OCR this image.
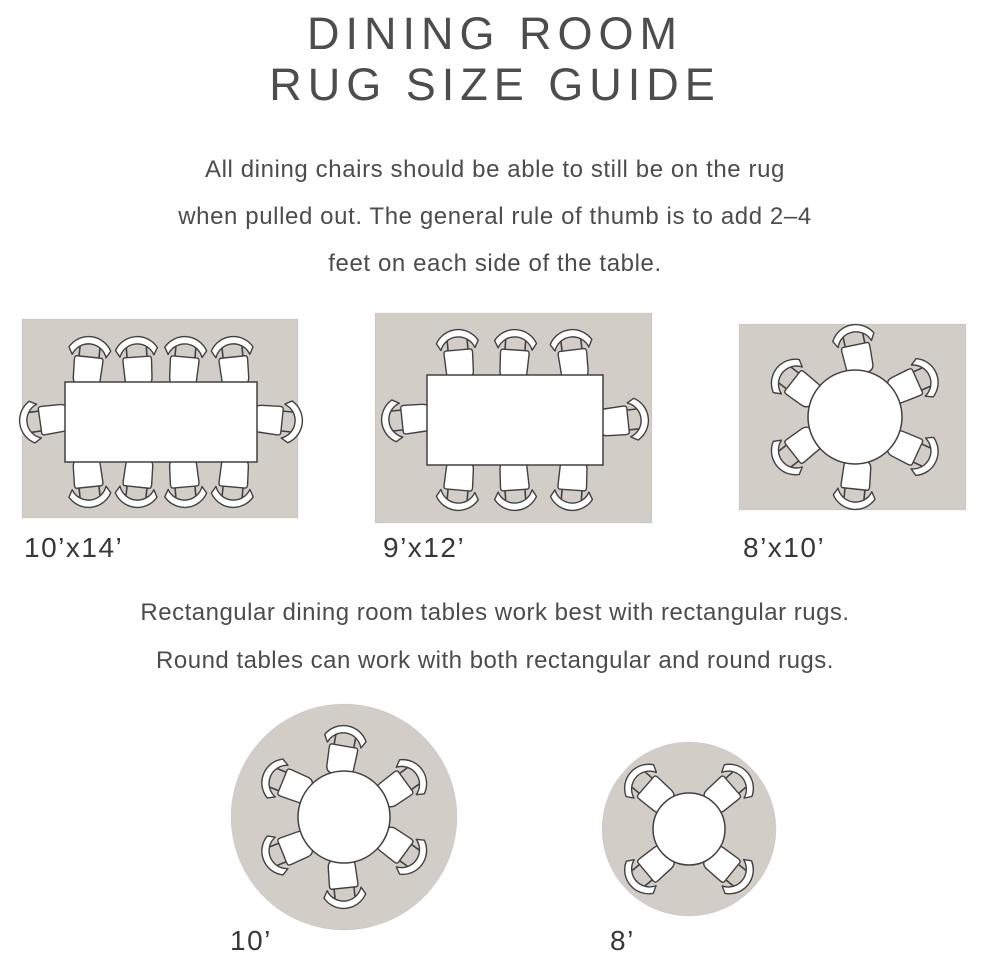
DINING ROOM
RUG SIZE GUIDE
All dining chairs should be able to still be on the rug
when pulled out. The general rule of thumb is to add 2–4
feet on each side of the table.
10’x14’	9’x12’	8’x10’
10’	8’
Rectangular dining room tables work best with rectangular rugs.
Round tables can work with both rectangular and round rugs.
